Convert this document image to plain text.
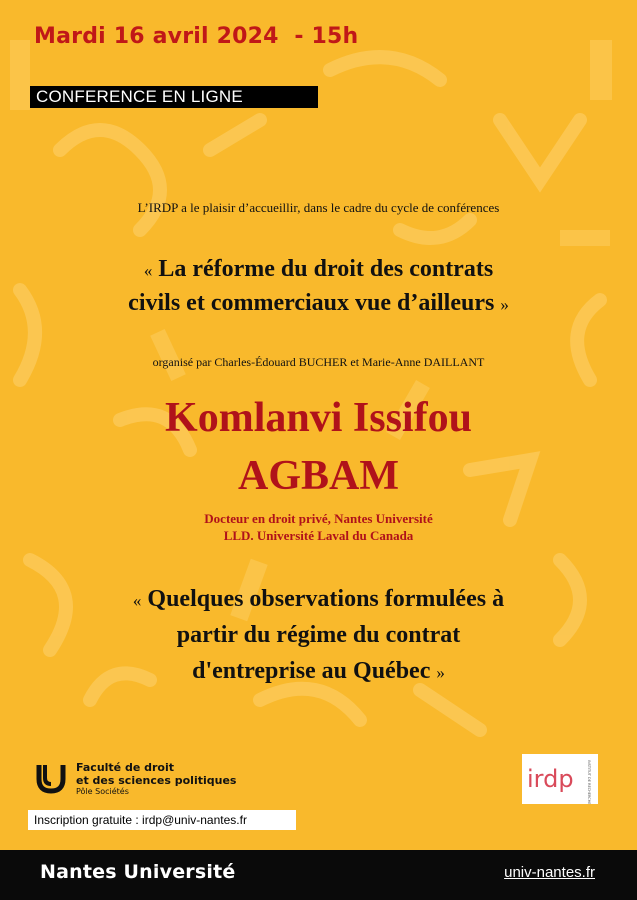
Mardi 16 avril 2024  - 15h
CONFERENCE EN LIGNE
L’IRDP a le plaisir d’accueillir, dans le cadre du cycle de conférences
« La réforme du droit des contrats
civils et commerciaux vue d’ailleurs »
organisé par Charles-Édouard BUCHER et Marie-Anne DAILLANT
Komlanvi Issifou
AGBAM
Docteur en droit privé, Nantes Université
LLD. Université Laval du Canada
« Quelques observations formulées à
partir du régime du contrat
d'entreprise au Québec »
Faculté de droit
et des sciences politiques
Pôle Sociétés	irdp	INSTITUT DE RECHERCHE EN DROIT PRIVÉ
Inscription gratuite : irdp@univ-nantes.fr
Nantes Université	univ-nantes.fr
